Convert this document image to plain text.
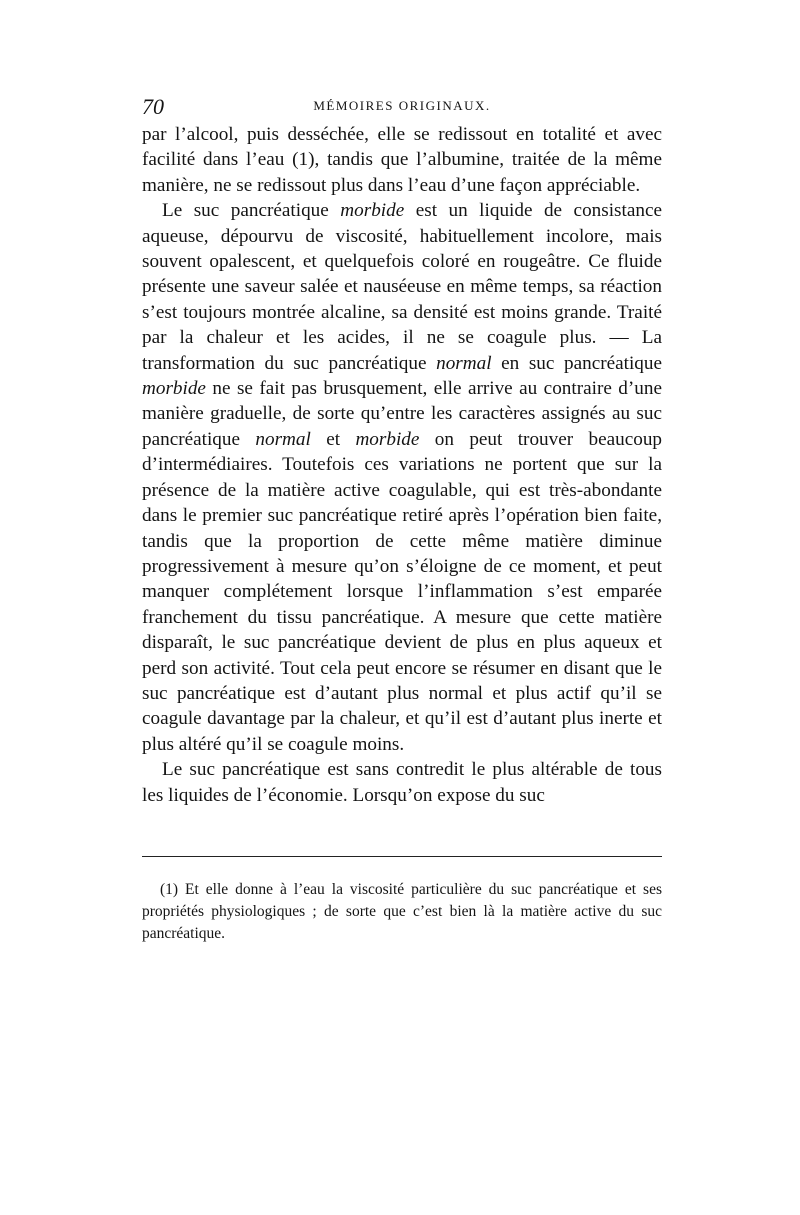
70	MÉMOIRES ORIGINAUX.

par l’alcool, puis desséchée, elle se redissout en totalité et avec facilité dans l’eau (1), tandis que l’albumine, traitée de la même manière, ne se redissout plus dans l’eau d’une façon appréciable.

Le suc pancréatique morbide est un liquide de consistance aqueuse, dépourvu de viscosité, habituellement incolore, mais souvent opalescent, et quelquefois coloré en rougeâtre. Ce fluide présente une saveur salée et nauséeuse en même temps, sa réaction s’est toujours montrée alcaline, sa densité est moins grande. Traité par la chaleur et les acides, il ne se coagule plus. — La transformation du suc pancréatique normal en suc pancréatique morbide ne se fait pas brusquement, elle arrive au contraire d’une manière graduelle, de sorte qu’entre les caractères assignés au suc pancréatique normal et morbide on peut trouver beaucoup d’intermédiaires. Toutefois ces variations ne portent que sur la présence de la matière active coagulable, qui est très-abondante dans le premier suc pancréatique retiré après l’opération bien faite, tandis que la proportion de cette même matière diminue progressivement à mesure qu’on s’éloigne de ce moment, et peut manquer complétement lorsque l’inflammation s’est emparée franchement du tissu pancréatique. A mesure que cette matière disparaît, le suc pancréatique devient de plus en plus aqueux et perd son activité. Tout cela peut encore se résumer en disant que le suc pancréatique est d’autant plus normal et plus actif qu’il se coagule davantage par la chaleur, et qu’il est d’autant plus inerte et plus altéré qu’il se coagule moins.

Le suc pancréatique est sans contredit le plus altérable de tous les liquides de l’économie. Lorsqu’on expose du suc

(1) Et elle donne à l’eau la viscosité particulière du suc pancréatique et ses propriétés physiologiques ; de sorte que c’est bien là la matière active du suc pancréatique.
